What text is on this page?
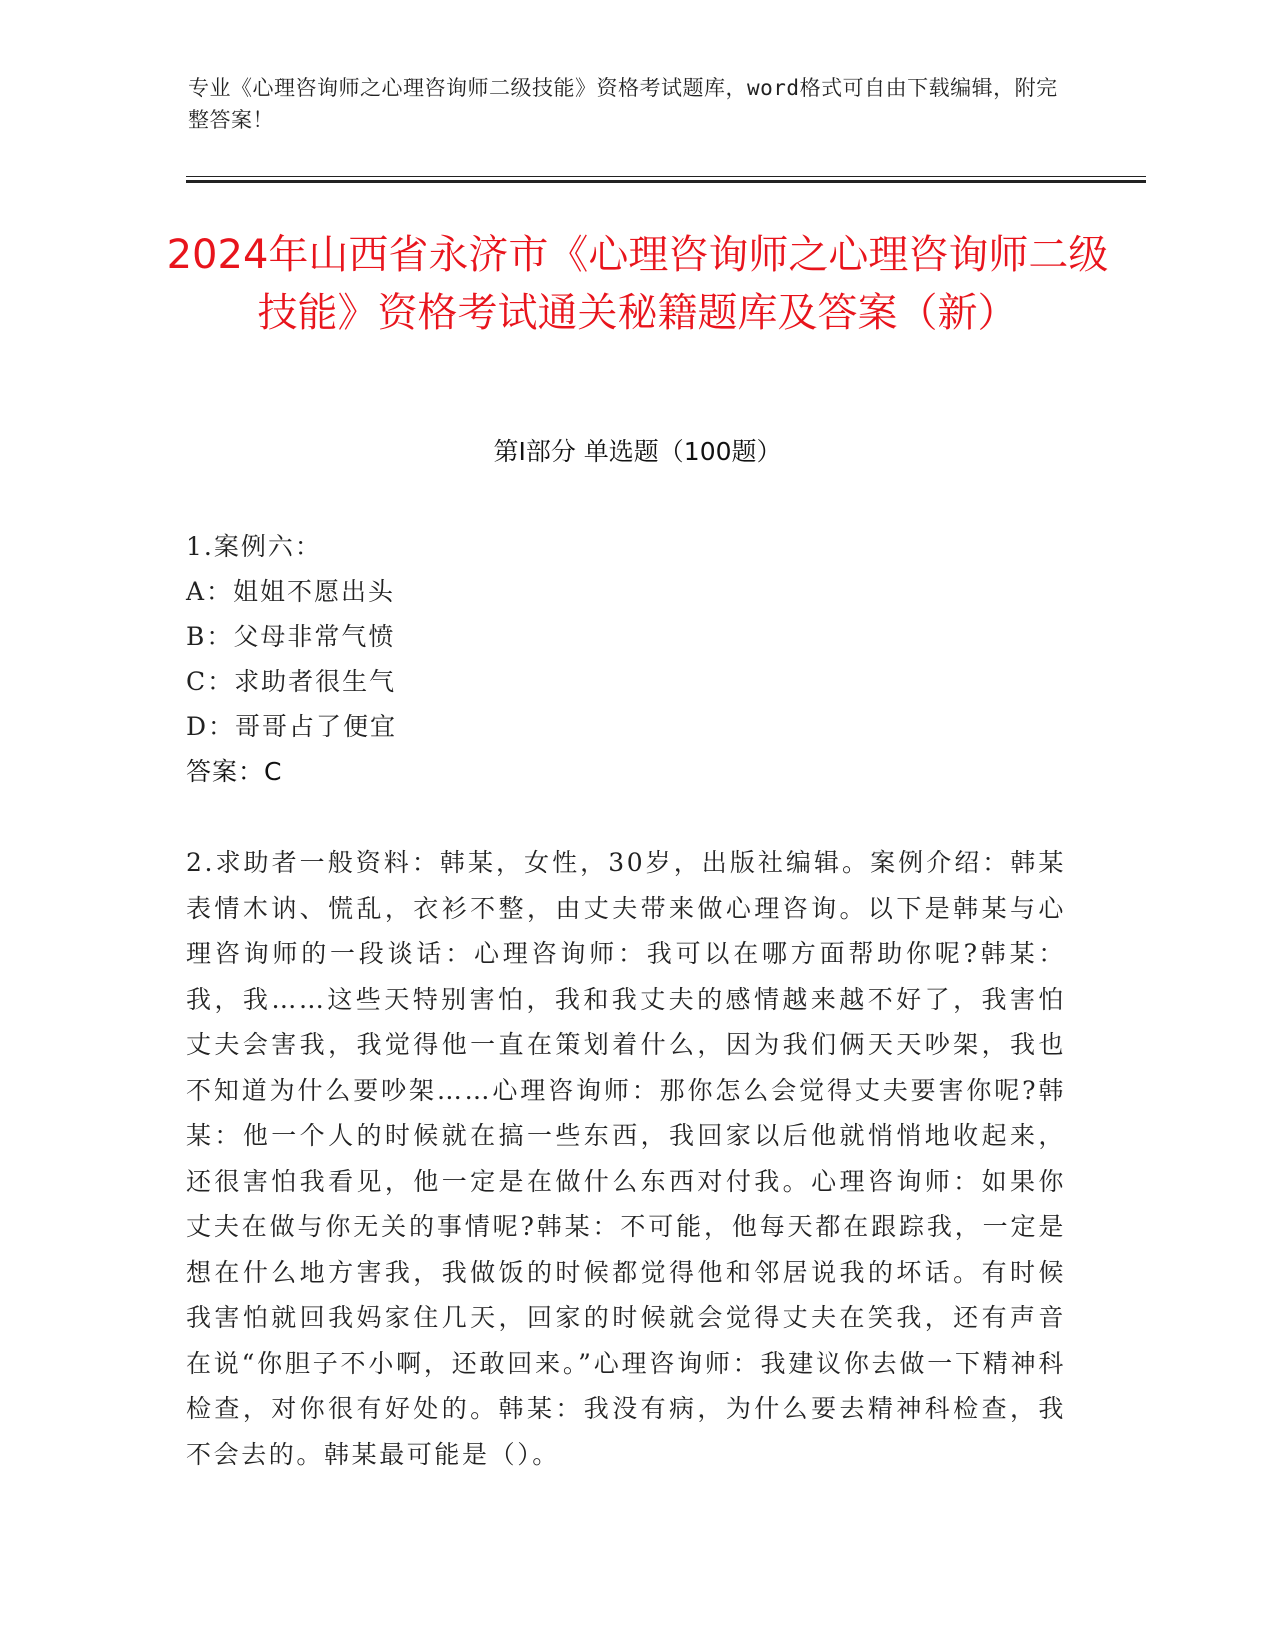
专业《心理咨询师之心理咨询师二级技能》资格考试题库，word格式可自由下载编辑，附完整答案！
2024年山西省永济市《心理咨询师之心理咨询师二级技能》资格考试通关秘籍题库及答案（新）
第Ⅰ部分 单选题（100题）
1.案例六：
A：姐姐不愿出头
B：父母非常气愤
C：求助者很生气
D：哥哥占了便宜
答案：C
2.求助者一般资料：韩某，女性，30岁，出版社编辑。案例介绍：韩某表情木讷、慌乱，衣衫不整，由丈夫带来做心理咨询。以下是韩某与心理咨询师的一段谈话：心理咨询师：我可以在哪方面帮助你呢?韩某：我，我……这些天特别害怕，我和我丈夫的感情越来越不好了，我害怕丈夫会害我，我觉得他一直在策划着什么，因为我们俩天天吵架，我也不知道为什么要吵架……心理咨询师：那你怎么会觉得丈夫要害你呢?韩某：他一个人的时候就在搞一些东西，我回家以后他就悄悄地收起来，还很害怕我看见，他一定是在做什么东西对付我。心理咨询师：如果你丈夫在做与你无关的事情呢?韩某：不可能，他每天都在跟踪我，一定是想在什么地方害我，我做饭的时候都觉得他和邻居说我的坏话。有时候我害怕就回我妈家住几天，回家的时候就会觉得丈夫在笑我，还有声音在说“你胆子不小啊，还敢回来。”心理咨询师：我建议你去做一下精神科检查，对你很有好处的。韩某：我没有病，为什么要去精神科检查，我不会去的。韩某最可能是（）。
